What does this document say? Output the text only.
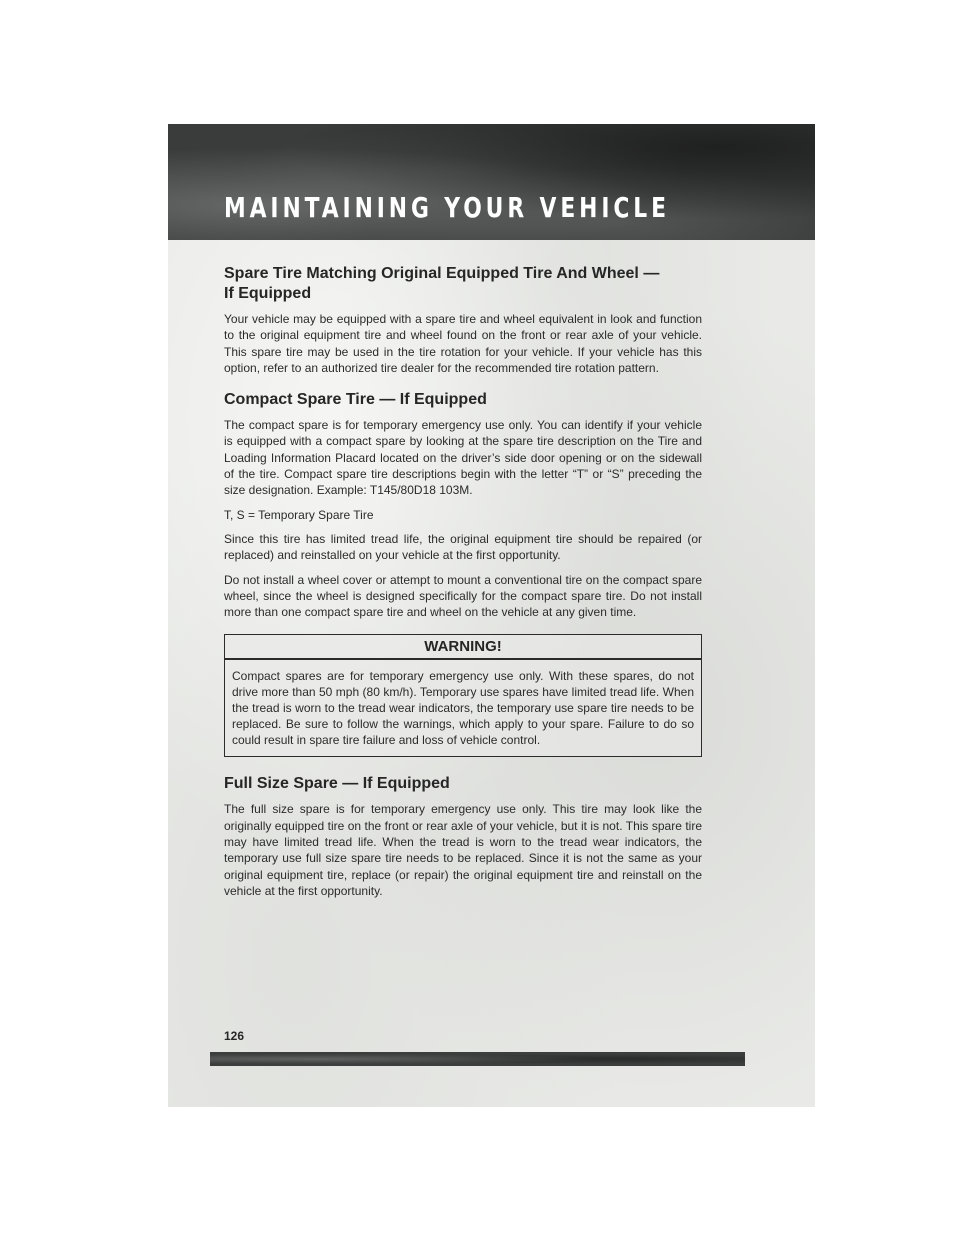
MAINTAINING YOUR VEHICLE
Spare Tire Matching Original Equipped Tire And Wheel —
If Equipped

Your vehicle may be equipped with a spare tire and wheel equivalent in look and function to the original equipment tire and wheel found on the front or rear axle of your vehicle. This spare tire may be used in the tire rotation for your vehicle. If your vehicle has this option, refer to an authorized tire dealer for the recommended tire rotation pattern.

Compact Spare Tire — If Equipped

The compact spare is for temporary emergency use only. You can identify if your vehicle is equipped with a compact spare by looking at the spare tire description on the Tire and Loading Information Placard located on the driver’s side door opening or on the sidewall of the tire. Compact spare tire descriptions begin with the letter “T” or “S” preceding the size designation. Example: T145/80D18 103M.

T, S = Temporary Spare Tire

Since this tire has limited tread life, the original equipment tire should be repaired (or replaced) and reinstalled on your vehicle at the first opportunity.

Do not install a wheel cover or attempt to mount a conventional tire on the compact spare wheel, since the wheel is designed specifically for the compact spare tire. Do not install more than one compact spare tire and wheel on the vehicle at any given time.

WARNING!

Compact spares are for temporary emergency use only. With these spares, do not drive more than 50 mph (80 km/h). Temporary use spares have limited tread life. When the tread is worn to the tread wear indicators, the temporary use spare tire needs to be replaced. Be sure to follow the warnings, which apply to your spare. Failure to do so could result in spare tire failure and loss of vehicle control.

Full Size Spare — If Equipped

The full size spare is for temporary emergency use only. This tire may look like the originally equipped tire on the front or rear axle of your vehicle, but it is not. This spare tire may have limited tread life. When the tread is worn to the tread wear indicators, the temporary use full size spare tire needs to be replaced. Since it is not the same as your original equipment tire, replace (or repair) the original equipment tire and reinstall on the vehicle at the first opportunity.

126
